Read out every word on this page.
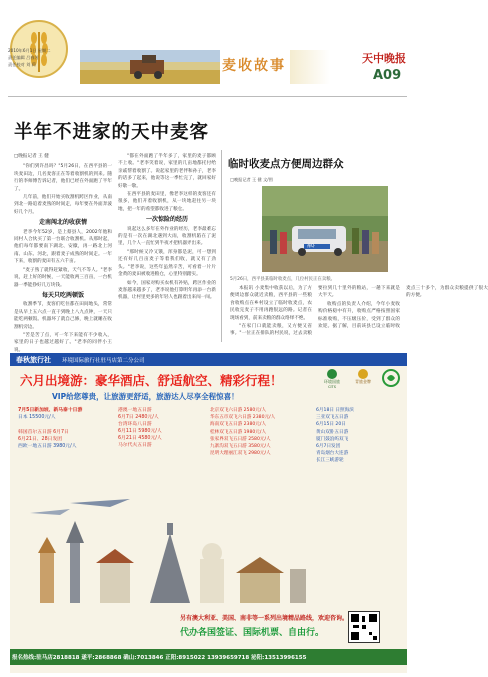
2010年6月1日 星期二
责任编辑 吕春芳
责任校对 刘 莉	麦收故事	天中晚报
A09
半年不进家的天中麦客
□晚报记者 王 健

"你们到许昌吗？"5月26日，在西平县的一块麦田边，几名麦客正在等着收割机的到来。随行的李师傅告诉记者，他们已经在外面跑了半年了。

几年前，他们开始买收割机跨区作业，从南到北一路追着麦熟的时间走，每年要在外面奔波好几个月。

走南闯北的收获情

老李今年52岁，是上蔡县人，2002年他和同村人合伙买了第一台联合收割机。从那时起，他们每年都要南下湖北、安徽，再一路北上河南、山东、河北，跟着麦子成熟的时间走。一年下来，收割的麦田有五六千亩。

"麦子熟了就得赶紧收，天气不等人。"老李说，赶上好的时候，一天能收两三百亩，一台机器一季能挣好几万块钱。

每天只吃两顿饭

收割季节，麦客们吃住都在田间地头，常常是从早上五六点一直干到晚上八九点钟，一天只能吃两顿饭。机器坏了就自己修，晚上就睡在收割机旁边。

"苦是苦了点，可一年下来能有不少收入，家里的日子也越过越好了。"老李的同伴小王说。

"都在外面跑了半年多了，家里的麦子都顾不上收。"老李笑着说，家里的几亩地都托付给亲戚帮着收割了。说起家里的老伴和孙子，老李的话多了起来，他说等这一季忙完了，就回家好好歇一歇。

在西平县的麦田里，像老李这样的麦客还有很多，他们开着收割机，从一块地赶往另一块地，把一年的希望都收进了粮仓。

一次惊险的经历

说起这么多年在外作业的经历，老李最难忘的是有一次在湖北遇到大雨，收割机陷在了泥里，几个人一直忙到半夜才把机器弄出来。

"那时候又冷又饿，浑身都是泥，可一想到还有好几百亩麦子等着我们收，就又有了劲头。"老李说，这些年虽然辛苦，可看着一片片金黄的麦田被收进粮仓，心里特别踏实。

如今，国家对购买农机有补贴，跨区作业的麦客越来越多了，老李说他打算明年再添一台新机器，让村里更多的年轻人也跟着出来闯一闯。

临时收麦点方便周边群众
□晚报记者 王 健 文/图
豫Q·
5月26日，西平县某临时收麦点，几位村民正在卖粮。

本报讯 小麦集中收获以后，为了方便周边群众就近卖粮，西平县的一些粮食收购点在乡村设立了临时收麦点，农民收完麦子不用再跑很远的路。记者在现场看到，前来卖粮的群众络绎不绝。

"在家门口就能卖粮，又方便又省事。"一位正在排队的村民说，过去卖粮要拉到几十里外的粮站，一趟下来就是大半天。

收购点的负责人介绍，今年小麦收购价格稳中有升，收购点严格按照国家标准收购，不压级压价，受到了群众的欢迎。据了解，目前该县已设立临时收麦点三十多个，为群众卖粮提供了很大的方便。

春秋旅行社 环境国际旅行社驻马店第二分公司
六月出境游：豪华酒店、舒适航空、精彩行程！	环境国旅
CITS
青旅金牌
VIP给您尊贵，让旅游更舒适，旅游达人尽享全程惊喜！
7月5日新加坡、新马泰十日游
日本 15500元/人
韩国首尔五日游 6月7日
6月21日、28日发团
西欧一地五日游 3980元/人
港澳一地五日游
6月7日 2480元/人
台湾环岛八日游
6月11日 5980元/人
6月21日 4580元/人
马尔代夫五日游
北京双飞六日游 2580元/人
华东五市双飞六日游 2380元/人
海南双飞五日游 2380元/人
桂林双飞五日游 1980元/人
张家界双飞五日游 2580元/人
九寨沟双飞五日游 3580元/人
昆明大理丽江双飞 2980元/人
6月18日 日照海滨
三亚双飞五日游
6月15日 20日
黄山双卧五日游
厦门鼓浪屿双飞
6月7日发团
青岛烟台大连游
长江三峡游轮
另有澳大利亚、美国、南非等一系列出境精品路线，欢迎咨询。
代办各国签证、国际机票、自由行。
报名热线:驻马店2818818 遂平:2868868 确山:7013846 正阳:8915022 13939659718 泌阳:13513996155
